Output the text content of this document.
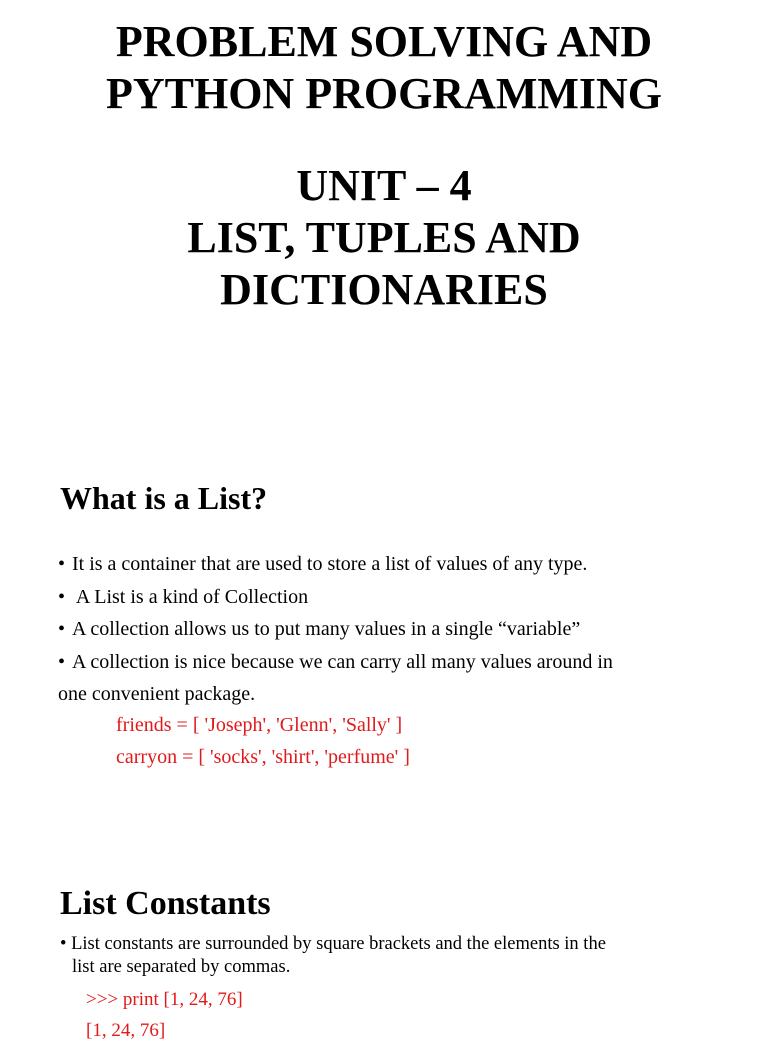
PROBLEM SOLVING AND

PYTHON PROGRAMMING

UNIT – 4

LIST, TUPLES AND

DICTIONARIES

What is a List?
• It is a container that are used to store a list of values of any type.
• A List is a kind of Collection
• A collection allows us to put many values in a single “variable”
• A collection is nice because we can carry all many values around in
one convenient package.
friends = [ 'Joseph', 'Glenn', 'Sally' ]
carryon = [ 'socks', 'shirt', 'perfume' ]
List Constants
• List constants are surrounded by square brackets and the elements in the
list are separated by commas.
>>> print [1, 24, 76]
[1, 24, 76]
